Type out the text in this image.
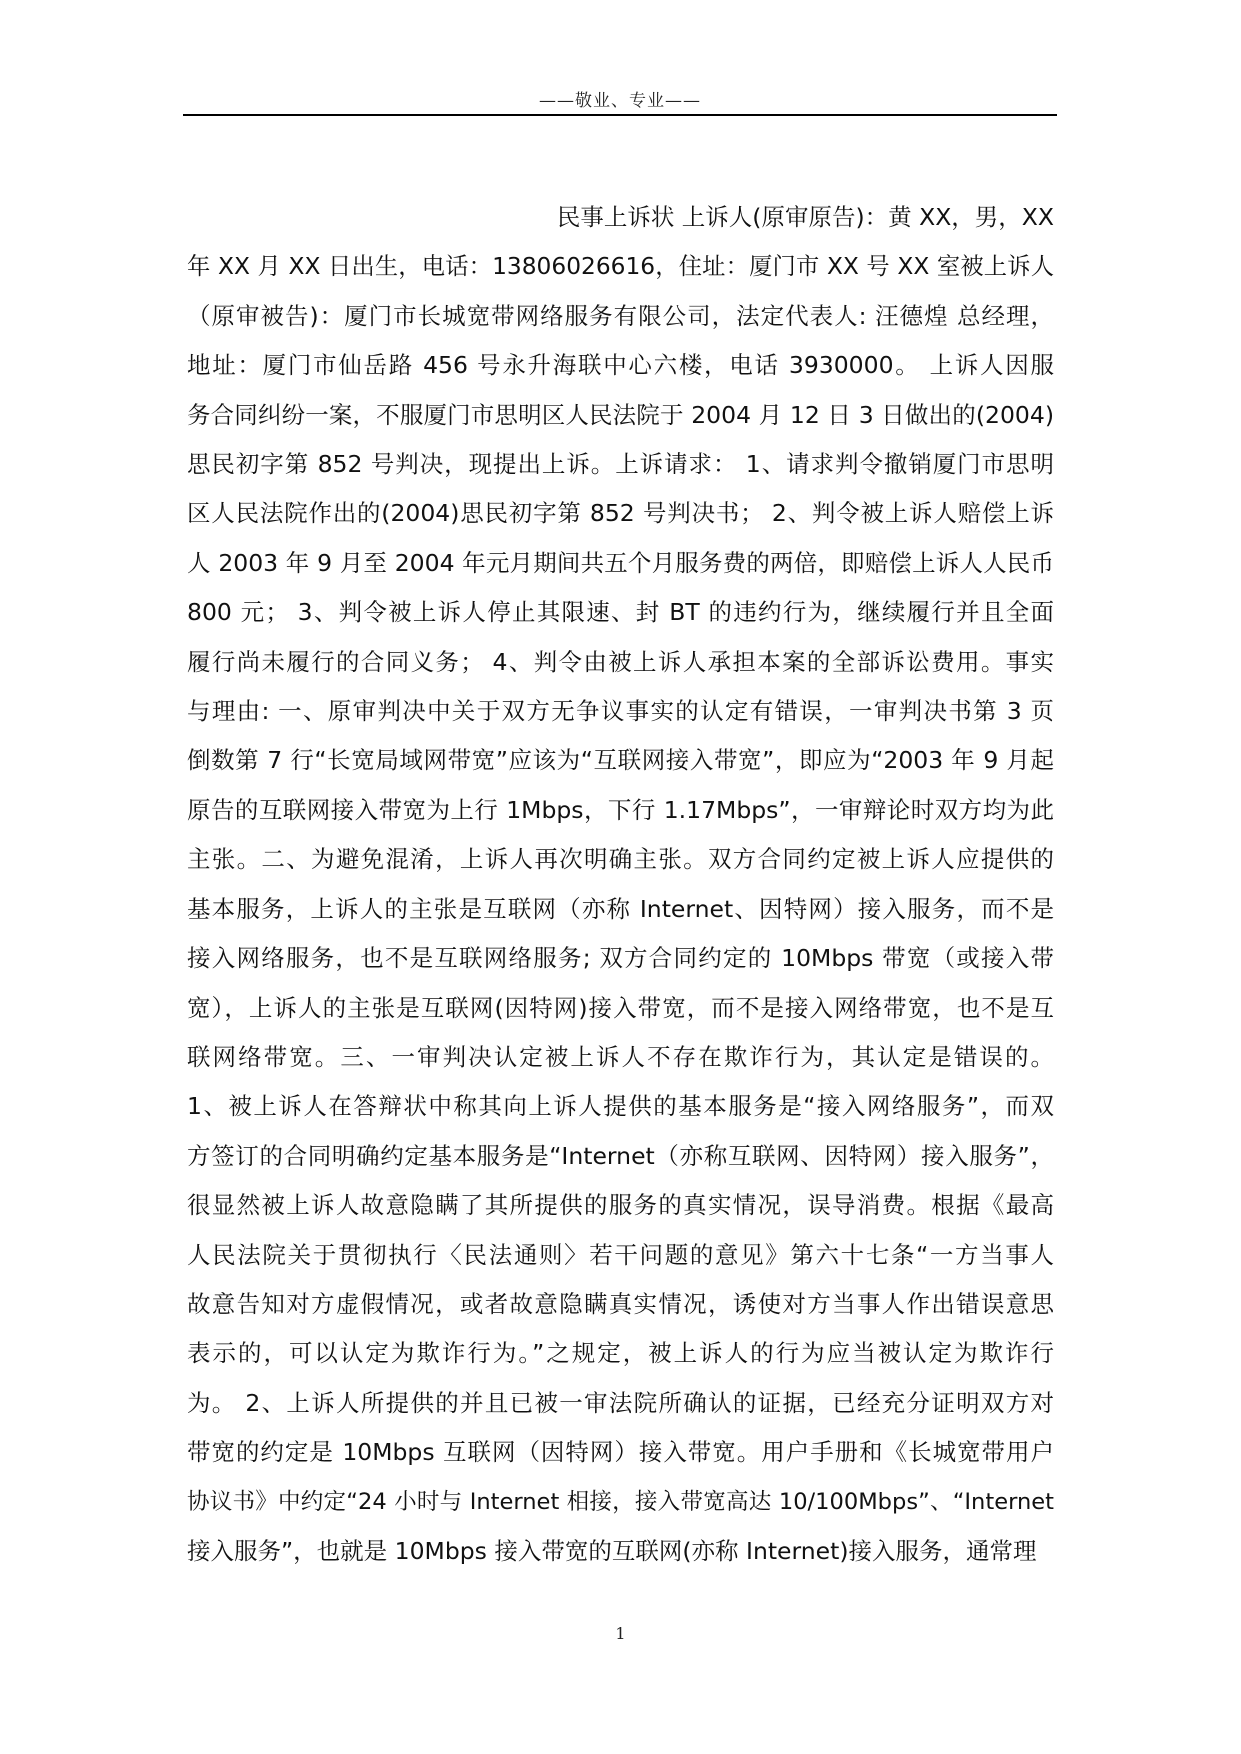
——敬业、专业——
民事上诉状 上诉人(原审原告)：黄 XX，男，XX
年 XX 月 XX 日出生，电话：13806026616，住址：厦门市 XX 号 XX 室被上诉人
（原审被告)：厦门市长城宽带网络服务有限公司，法定代表人: 汪德煌 总经理，
地址：厦门市仙岳路 456 号永升海联中心六楼，电话 3930000。 上诉人因服
务合同纠纷一案，不服厦门市思明区人民法院于 2004 月 12 日 3 日做出的(2004)
思民初字第 852 号判决，现提出上诉。上诉请求： 1、请求判令撤销厦门市思明
区人民法院作出的(2004)思民初字第 852 号判决书； 2、判令被上诉人赔偿上诉
人 2003 年 9 月至 2004 年元月期间共五个月服务费的两倍，即赔偿上诉人人民币
800 元； 3、判令被上诉人停止其限速、封 BT 的违约行为，继续履行并且全面
履行尚未履行的合同义务； 4、判令由被上诉人承担本案的全部诉讼费用。事实
与理由: 一、原审判决中关于双方无争议事实的认定有错误，一审判决书第 3 页
倒数第 7 行“长宽局域网带宽”应该为“互联网接入带宽”，即应为“2003 年 9 月起
原告的互联网接入带宽为上行 1Mbps，下行 1.17Mbps”，一审辩论时双方均为此
主张。二、为避免混淆，上诉人再次明确主张。双方合同约定被上诉人应提供的
基本服务，上诉人的主张是互联网（亦称 Internet、因特网）接入服务，而不是
接入网络服务，也不是互联网络服务; 双方合同约定的 10Mbps 带宽（或接入带
宽），上诉人的主张是互联网(因特网)接入带宽，而不是接入网络带宽，也不是互
联网络带宽。三、一审判决认定被上诉人不存在欺诈行为，其认定是错误的。
1、被上诉人在答辩状中称其向上诉人提供的基本服务是“接入网络服务”，而双
方签订的合同明确约定基本服务是“Internet（亦称互联网、因特网）接入服务”，
很显然被上诉人故意隐瞒了其所提供的服务的真实情况，误导消费。根据《最高
人民法院关于贯彻执行〈民法通则〉若干问题的意见》第六十七条“一方当事人
故意告知对方虚假情况，或者故意隐瞒真实情况，诱使对方当事人作出错误意思
表示的，可以认定为欺诈行为。”之规定，被上诉人的行为应当被认定为欺诈行
为。 2、上诉人所提供的并且已被一审法院所确认的证据，已经充分证明双方对
带宽的约定是 10Mbps 互联网（因特网）接入带宽。用户手册和《长城宽带用户
协议书》中约定“24 小时与 Internet 相接，接入带宽高达 10/100Mbps”、“Internet
接入服务”，也就是 10Mbps 接入带宽的互联网(亦称 Internet)接入服务，通常理
1
